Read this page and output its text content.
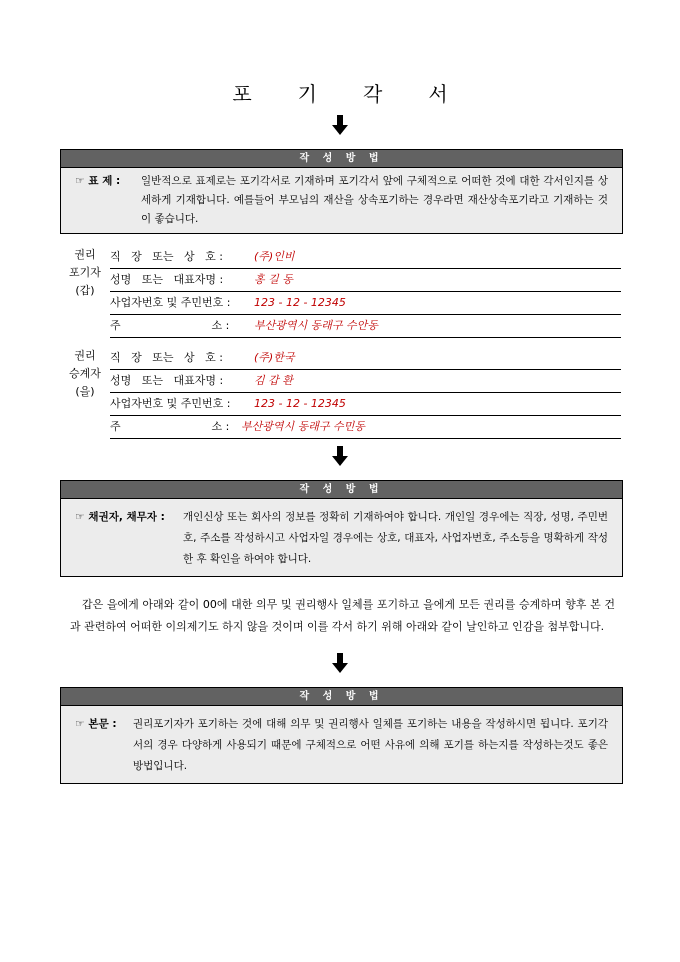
포기각서
작 성 방 법
☞ 표 제 : 일반적으로 표제로는 포기각서로 기재하며 포기각서 앞에 구체적으로 어떠한 것에 대한 각서인지를 상세하게 기재합니다. 예를들어 부모님의 재산을 상속포기하는 경우라면 재산상속포기라고 기재하는 것이 좋습니다.
권리
포기자
(갑)
직   장   또는   상   호 :	(주)인비
성명   또는   대표자명 :	홍 길 동
사업자번호 및 주민번호 : 123 - 12 - 12345
주                          소 : 부산광역시 동래구 수안동
권리
승계자
(을)
직   장   또는   상   호 :	(주)한국
성명   또는   대표자명 :	김 갑 환
사업자번호 및 주민번호 : 123 - 12 - 12345
주                          소 : 부산광역시 동래구 수민동
작 성 방 법
☞ 채권자, 채무자 : 개인신상 또는 회사의 정보를 정확히 기재하여야 합니다. 개인일 경우에는 직장, 성명, 주민번호, 주소를 작성하시고 사업자일 경우에는 상호, 대표자, 사업자번호, 주소등을 명확하게 작성한 후 확인을 하여야 합니다.
갑은 을에게 아래와 같이 00에 대한 의무 및 권리행사 일체를 포기하고 을에게 모든 권리를 승계하며 향후 본 건과 관련하여 어떠한 이의제기도 하지 않을 것이며 이를 각서 하기 위해 아래와 같이 날인하고 인감을 첨부합니다.
작 성 방 법
☞ 본문 : 권리포기자가 포기하는 것에 대해 의무 및 권리행사 일체를 포기하는 내용을 작성하시면 됩니다. 포기각서의 경우 다양하게 사용되기 때문에 구체적으로 어떤 사유에 의해 포기를 하는지를 작성하는것도 좋은 방법입니다.
